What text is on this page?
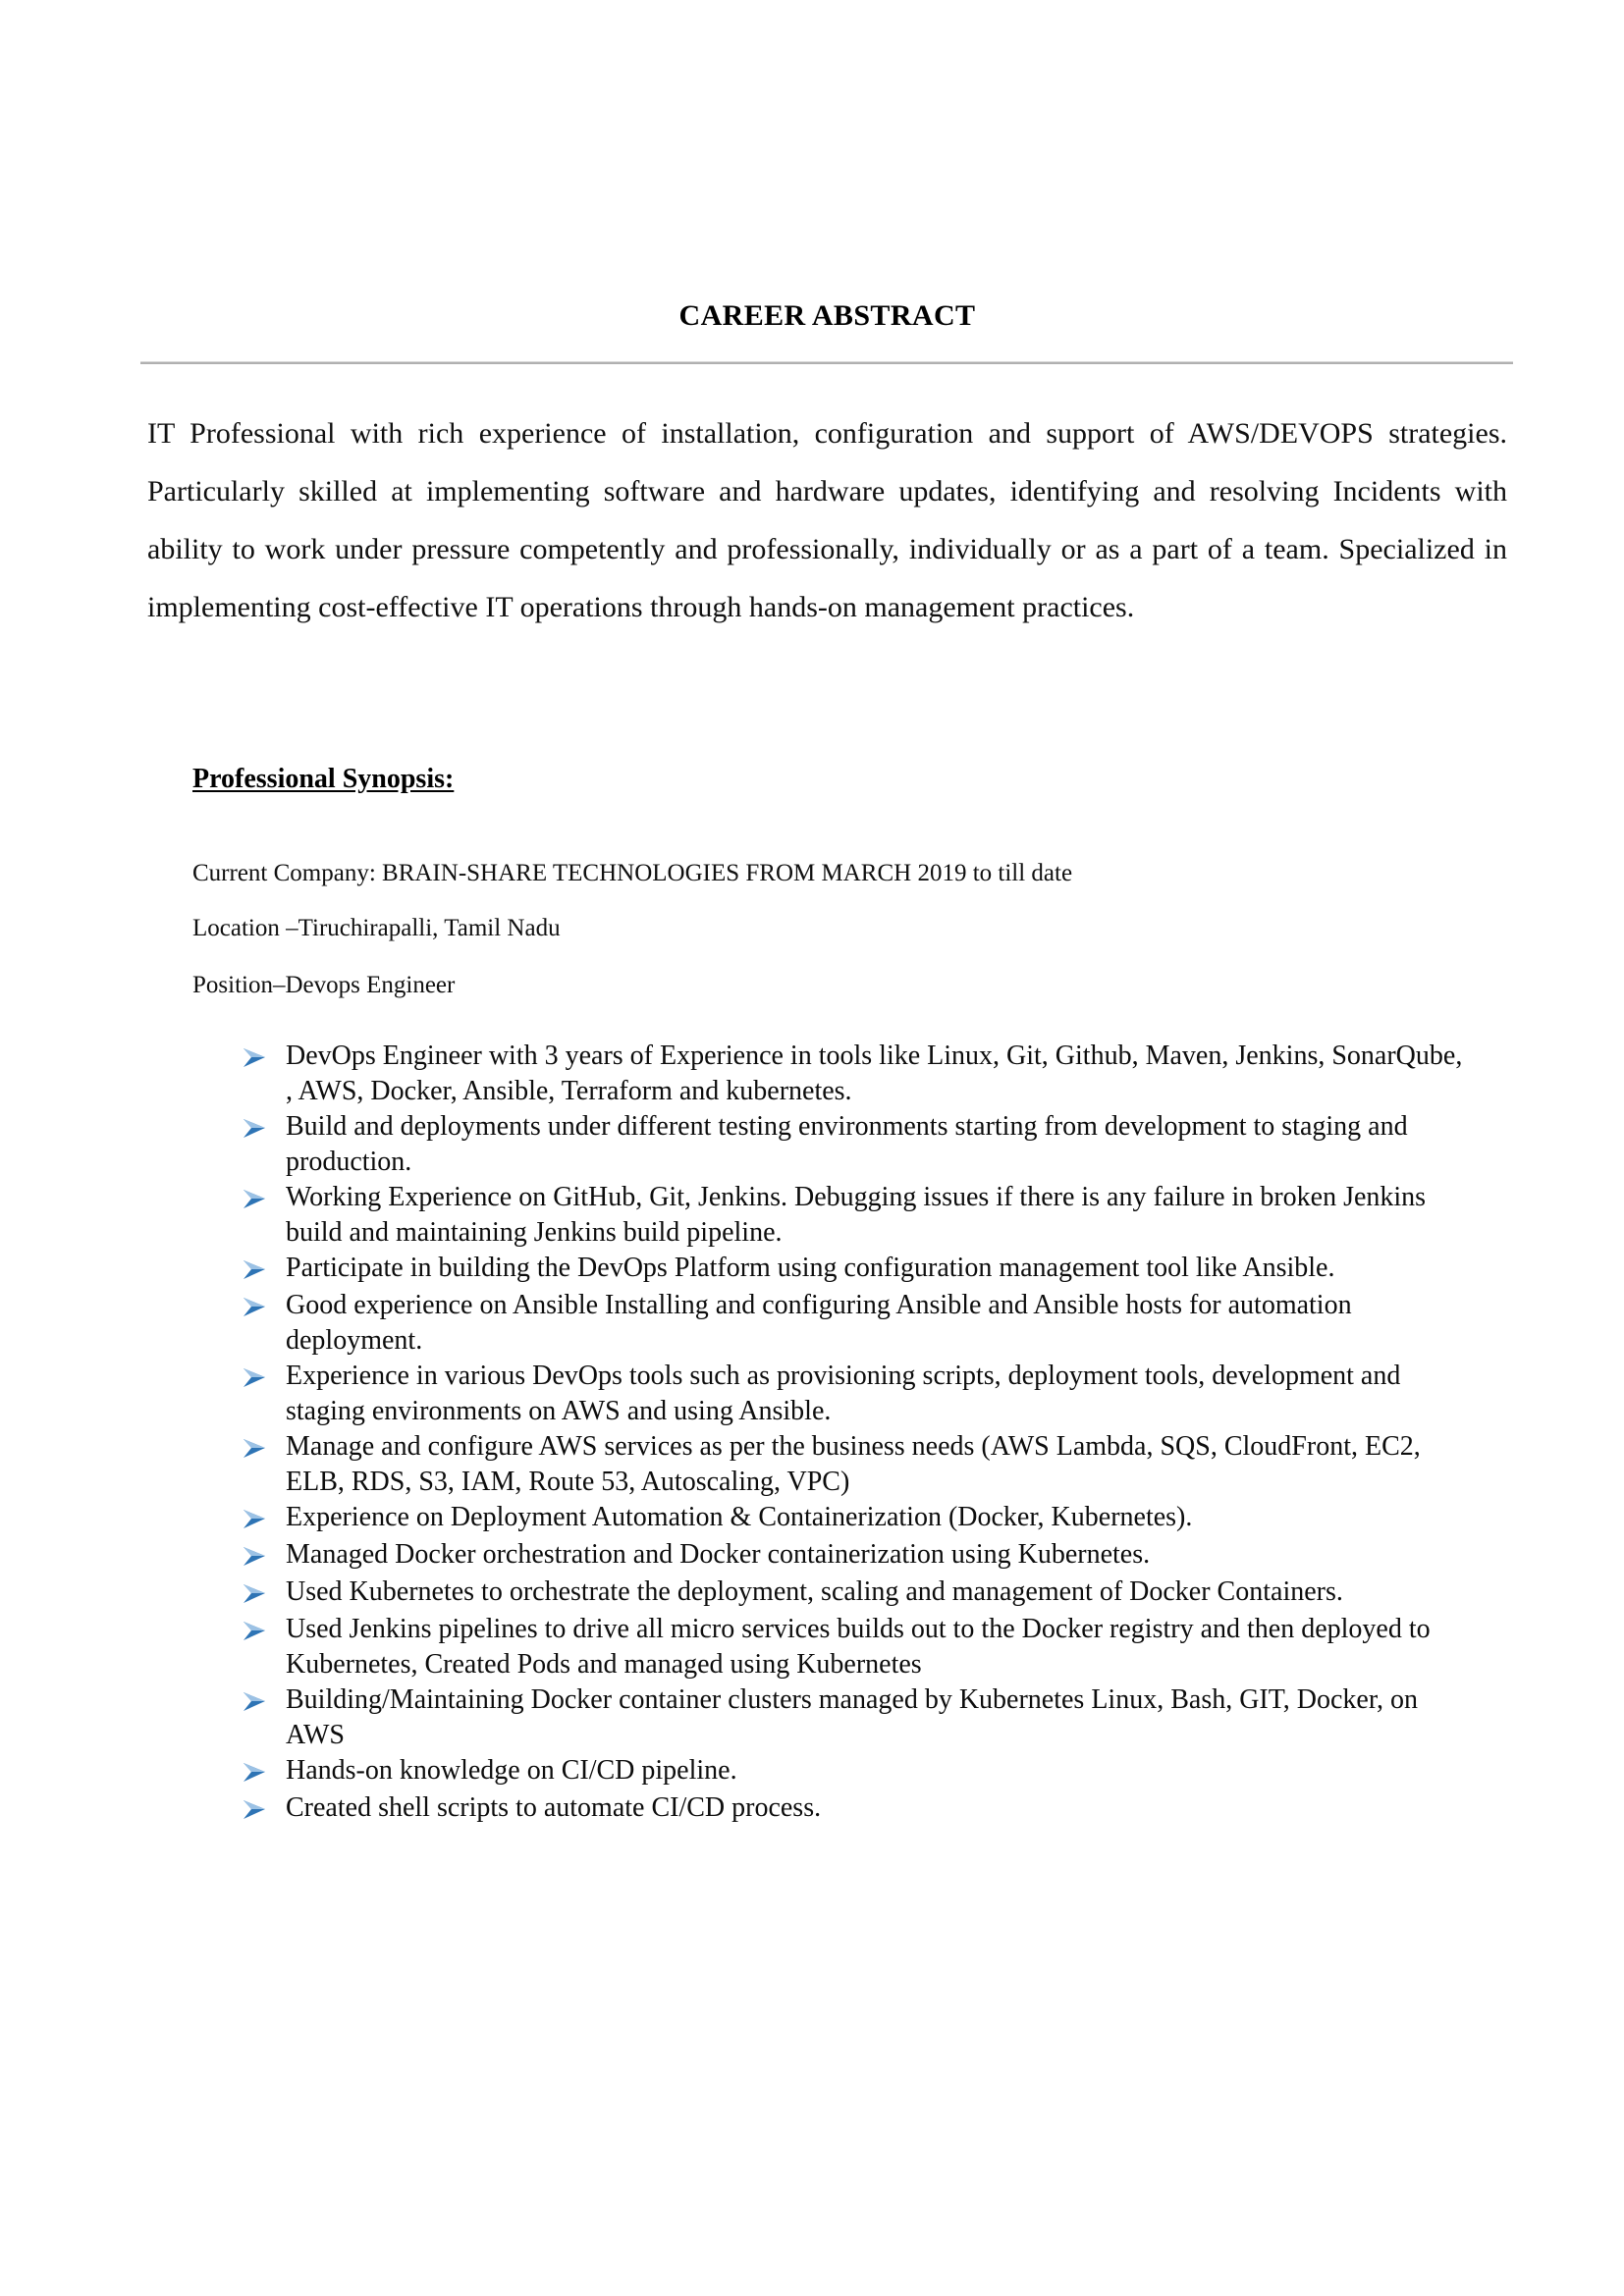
CAREER ABSTRACT
IT Professional with rich experience of installation, configuration and support of AWS/DEVOPS strategies. Particularly skilled at implementing software and hardware updates, identifying and resolving Incidents with ability to work under pressure competently and professionally, individually or as a part of a team. Specialized in implementing cost-effective IT operations through hands-on management practices.
Professional Synopsis:
Current Company: BRAIN-SHARE TECHNOLOGIES FROM MARCH 2019 to till date
Location –Tiruchirapalli, Tamil Nadu
Position–Devops Engineer
DevOps Engineer with 3 years of Experience in tools like Linux, Git, Github, Maven, Jenkins, SonarQube, , AWS, Docker, Ansible, Terraform and kubernetes.
Build and deployments under different testing environments starting from development to staging and production.
Working Experience on GitHub, Git, Jenkins. Debugging issues if there is any failure in broken Jenkins build and maintaining Jenkins build pipeline.
Participate in building the DevOps Platform using configuration management tool like Ansible.
Good experience on Ansible Installing and configuring Ansible and Ansible hosts for automation deployment.
Experience in various DevOps tools such as provisioning scripts, deployment tools, development and staging environments on AWS and using Ansible.
Manage and configure AWS services as per the business needs (AWS Lambda, SQS, CloudFront, EC2, ELB, RDS, S3, IAM, Route 53, Autoscaling, VPC)
Experience on Deployment Automation & Containerization (Docker, Kubernetes).
Managed Docker orchestration and Docker containerization using Kubernetes.
Used Kubernetes to orchestrate the deployment, scaling and management of Docker Containers.
Used Jenkins pipelines to drive all micro services builds out to the Docker registry and then deployed to Kubernetes, Created Pods and managed using Kubernetes
Building/Maintaining Docker container clusters managed by Kubernetes Linux, Bash, GIT, Docker, on AWS
Hands-on knowledge on CI/CD pipeline.
Created shell scripts to automate CI/CD process.
